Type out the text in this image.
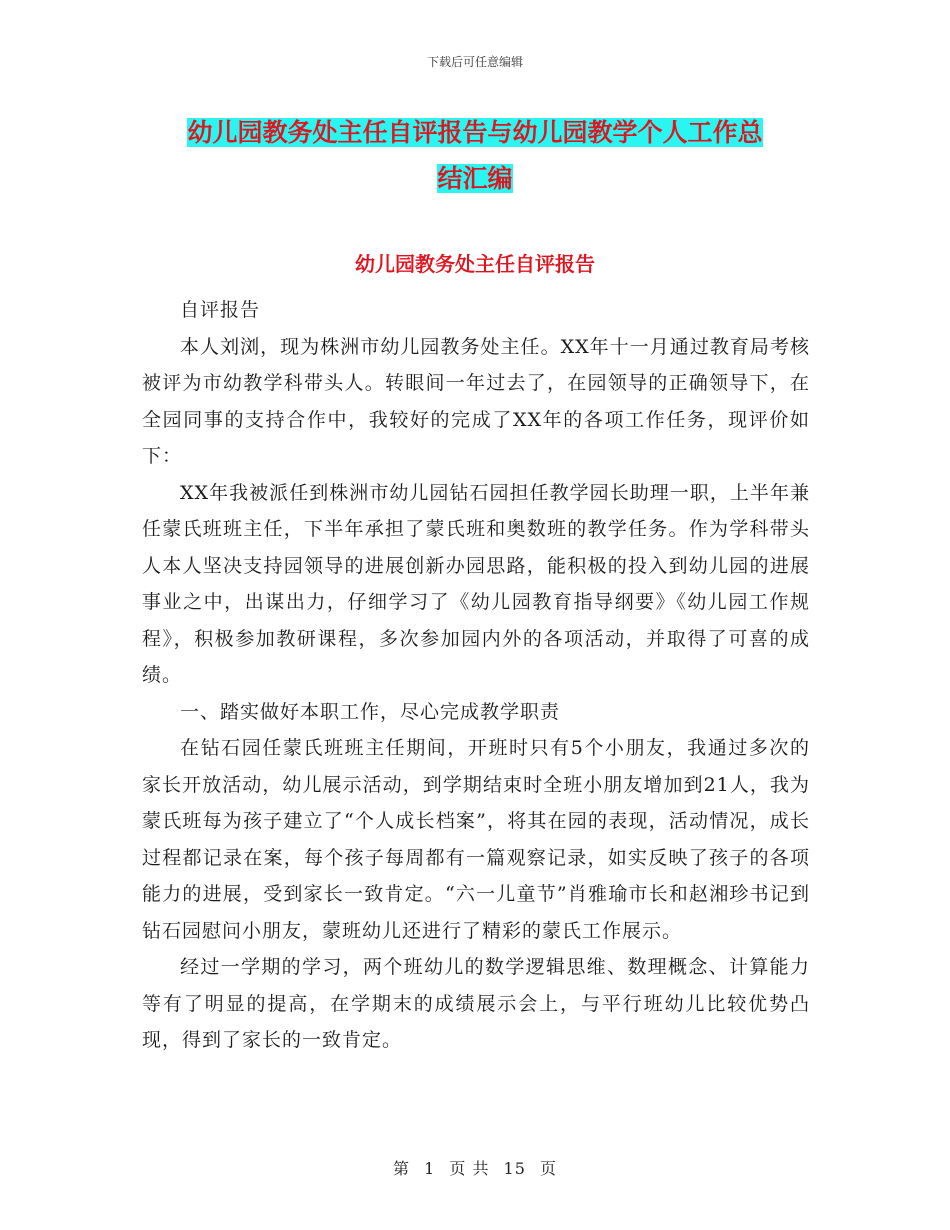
下载后可任意编辑
幼儿园教务处主任自评报告与幼儿园教学个人工作总
结汇编
幼儿园教务处主任自评报告

自评报告

本人刘浏，现为株洲市幼儿园教务处主任。XX年十一月通过教育局考核被评为市幼教学科带头人。转眼间一年过去了，在园领导的正确领导下，在全园同事的支持合作中，我较好的完成了XX年的各项工作任务，现评价如下：

XX年我被派任到株洲市幼儿园钻石园担任教学园长助理一职，上半年兼任蒙氏班班主任，下半年承担了蒙氏班和奥数班的教学任务。作为学科带头人本人坚决支持园领导的进展创新办园思路，能积极的投入到幼儿园的进展事业之中，出谋出力，仔细学习了《幼儿园教育指导纲要》《幼儿园工作规程》，积极参加教研课程，多次参加园内外的各项活动，并取得了可喜的成绩。

一、踏实做好本职工作，尽心完成教学职责

在钻石园任蒙氏班班主任期间，开班时只有5个小朋友，我通过多次的家长开放活动，幼儿展示活动，到学期结束时全班小朋友增加到21人，我为蒙氏班每为孩子建立了“个人成长档案”，将其在园的表现，活动情况，成长过程都记录在案，每个孩子每周都有一篇观察记录，如实反映了孩子的各项能力的进展，受到家长一致肯定。“六一儿童节”肖雅瑜市长和赵湘珍书记到钻石园慰问小朋友，蒙班幼儿还进行了精彩的蒙氏工作展示。

经过一学期的学习，两个班幼儿的数学逻辑思维、数理概念、计算能力等有了明显的提高，在学期末的成绩展示会上，与平行班幼儿比较优势凸现，得到了家长的一致肯定。

第 1 页 共 15 页
